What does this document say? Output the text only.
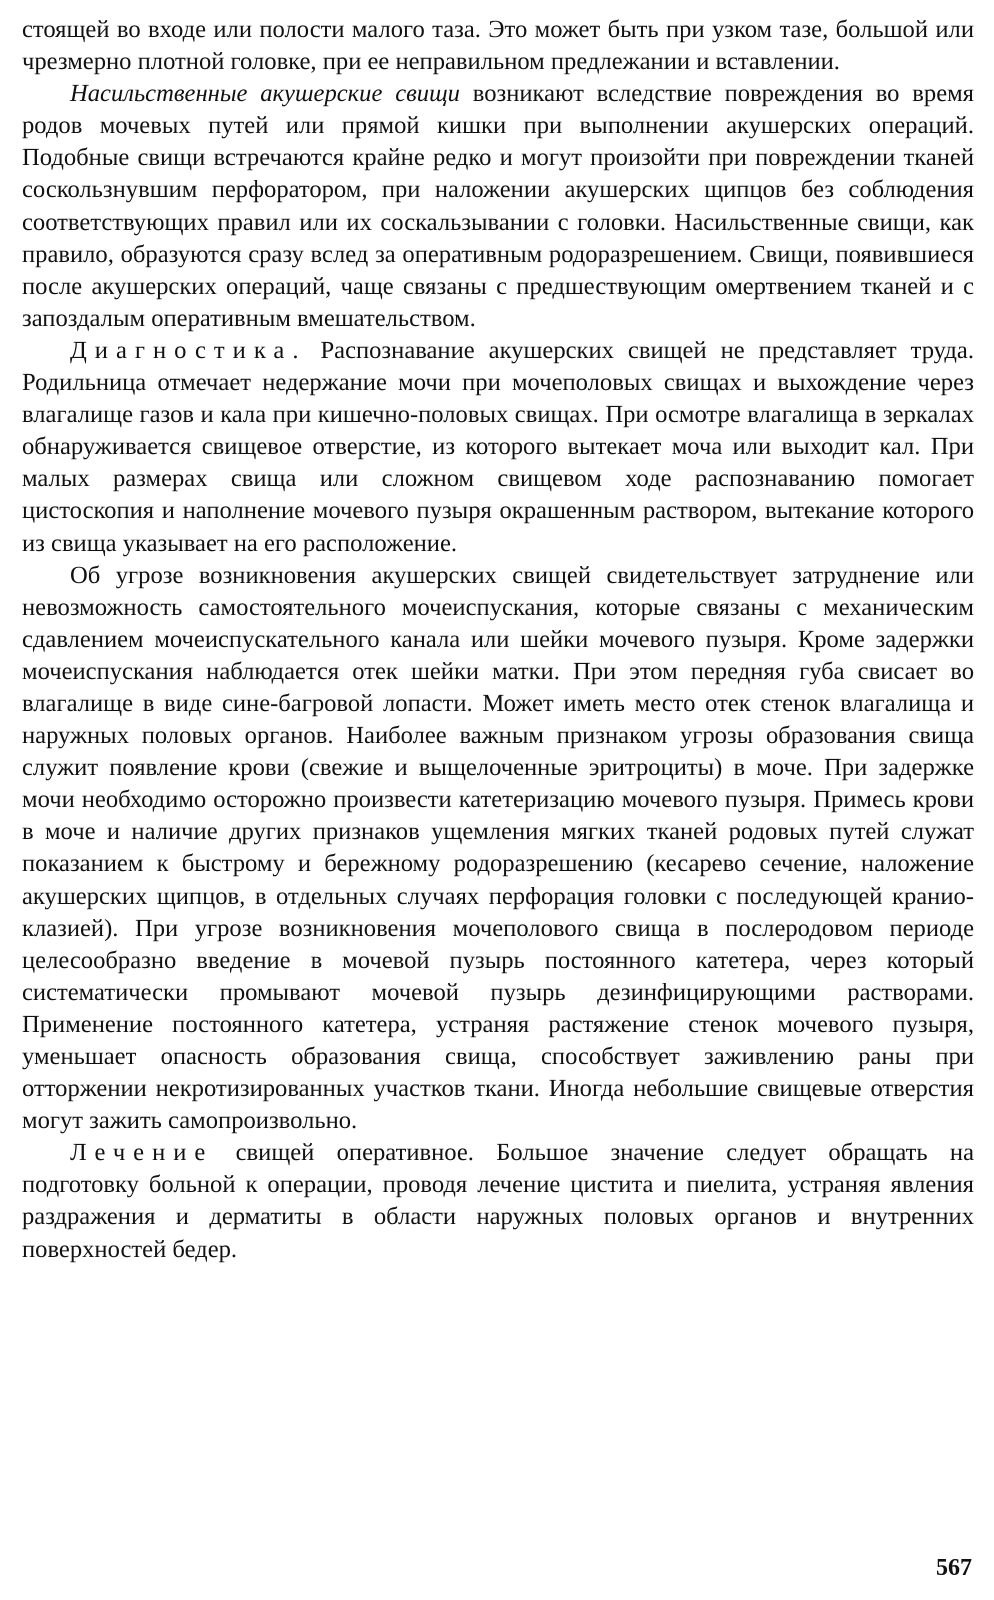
стоящей во входе или полости малого таза. Это может быть при узком тазе, большой или чрезмерно плотной головке, при ее неправильном предлежании и вставлении.

Насильственные акушерские свищи возникают вследствие повреждения во время родов мочевых путей или прямой кишки при выполнении акушерских операций. Подобные свищи встречаются крайне редко и могут произойти при повреждении тканей соскользнувшим перфоратором, при наложении акушерских щипцов без соблюдения соответствующих правил или их соскальзывании с головки. Насильственные свищи, как правило, образуются сразу вслед за оперативным родоразрешением. Свищи, появившиеся после акушерских операций, чаще связаны с предшествующим омертвением тканей и с запоздалым оперативным вмешательством.

Диагностика. Распознавание акушерских свищей не представляет труда. Родильница отмечает недержание мочи при мочеполовых свищах и выхождение через влагалище газов и кала при кишечно-половых свищах. При осмотре влагалища в зеркалах обнаруживается свищевое отверстие, из которого вытекает моча или выходит кал. При малых размерах свища или сложном свищевом ходе распознаванию помогает цистоскопия и наполнение мочевого пузыря окрашенным раствором, вытекание которого из свища указывает на его расположение.

Об угрозе возникновения акушерских свищей свидетельствует затруднение или невозможность самостоятельного мочеиспускания, которые связаны с механическим сдавлением мочеиспускательного канала или шейки мочевого пузыря. Кроме задержки мочеиспускания наблюдается отек шейки матки. При этом передняя губа свисает во влагалище в виде сине-багровой лопасти. Может иметь место отек стенок влагалища и наружных половых органов. Наиболее важным признаком угрозы образования свища служит появление крови (свежие и выщелоченные эритроциты) в моче. При задержке мочи необходимо осторожно произвести катетеризацию мочевого пузыря. Примесь крови в моче и наличие других признаков ущемления мягких тканей родовых путей служат показанием к быстрому и бережному родоразрешению (кесарево сечение, наложение акушерских щипцов, в отдельных случаях перфорация головки с последующей краниоклазией). При угрозе возникновения мочеполового свища в послеродовом периоде целесообразно введение в мочевой пузырь постоянного катетера, через который систематически промывают мочевой пузырь дезинфицирующими растворами. Применение постоянного катетера, устраняя растяжение стенок мочевого пузыря, уменьшает опасность образования свища, способствует заживлению раны при отторжении некротизированных участков ткани. Иногда небольшие свищевые отверстия могут зажить самопроизвольно.

Лечение свищей оперативное. Большое значение следует обращать на подготовку больной к операции, проводя лечение цистита и пиелита, устраняя явления раздражения и дерматиты в области наружных половых органов и внутренних поверхностей бедер.

567
